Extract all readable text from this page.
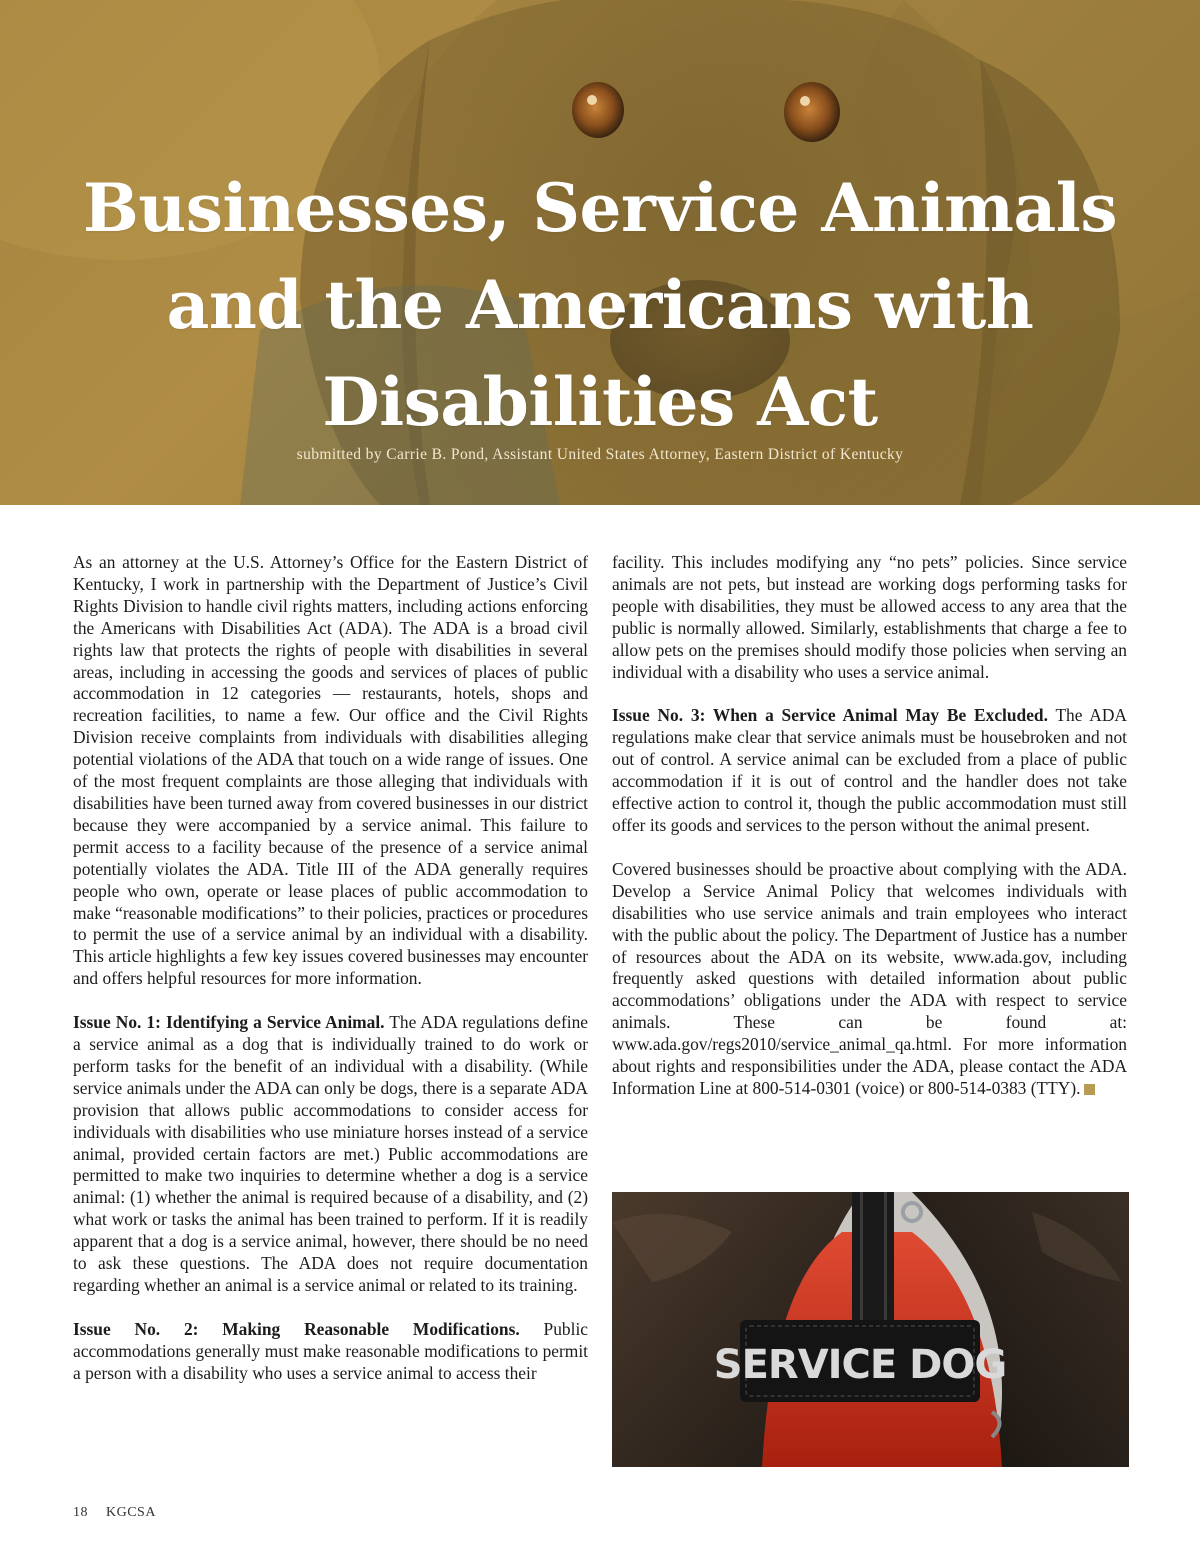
Businesses, Service Animals and the Americans with Disabilities Act

submitted by Carrie B. Pond, Assistant United States Attorney, Eastern District of Kentucky

As an attorney at the U.S. Attorney’s Office for the Eastern District of Kentucky, I work in partnership with the Department of Justice’s Civil Rights Division to handle civil rights matters, including actions enforcing the Americans with Disabilities Act (ADA). The ADA is a broad civil rights law that protects the rights of people with disabilities in several areas, including in accessing the goods and services of places of public accommodation in 12 categories — restaurants, hotels, shops and recreation facilities, to name a few. Our office and the Civil Rights Division receive complaints from individuals with disabilities alleging potential violations of the ADA that touch on a wide range of issues. One of the most frequent complaints are those alleging that individuals with disabilities have been turned away from covered businesses in our district because they were accompanied by a service animal. This failure to permit access to a facility because of the presence of a service animal potentially violates the ADA. Title III of the ADA generally requires people who own, operate or lease places of public accommodation to make “reasonable modifications” to their policies, practices or procedures to permit the use of a service animal by an individual with a disability. This article highlights a few key issues covered businesses may encounter and offers helpful resources for more information.

Issue No. 1: Identifying a Service Animal. The ADA regulations define a service animal as a dog that is individually trained to do work or perform tasks for the benefit of an individual with a disability. (While service animals under the ADA can only be dogs, there is a separate ADA provision that allows public accommodations to consider access for individuals with disabilities who use miniature horses instead of a service animal, provided certain factors are met.) Public accommodations are permitted to make two inquiries to determine whether a dog is a service animal: (1) whether the animal is required because of a disability, and (2) what work or tasks the animal has been trained to perform. If it is readily apparent that a dog is a service animal, however, there should be no need to ask these questions. The ADA does not require documentation regarding whether an animal is a service animal or related to its training.

Issue No. 2: Making Reasonable Modifications. Public accommodations generally must make reasonable modifications to permit a person with a disability who uses a service animal to access their

facility. This includes modifying any “no pets” policies. Since service animals are not pets, but instead are working dogs performing tasks for people with disabilities, they must be allowed access to any area that the public is normally allowed. Similarly, establishments that charge a fee to allow pets on the premises should modify those policies when serving an individual with a disability who uses a service animal.

Issue No. 3: When a Service Animal May Be Excluded. The ADA regulations make clear that service animals must be housebroken and not out of control. A service animal can be excluded from a place of public accommodation if it is out of control and the handler does not take effective action to control it, though the public accommodation must still offer its goods and services to the person without the animal present.

Covered businesses should be proactive about complying with the ADA. Develop a Service Animal Policy that welcomes individuals with disabilities who use service animals and train employees who interact with the public about the policy. The Department of Justice has a number of resources about the ADA on its website, www.ada.gov, including frequently asked questions with detailed information about public accommodations’ obligations under the ADA with respect to service animals. These can be found at: www.ada.gov/regs2010/service_animal_qa.html. For more information about rights and responsibilities under the ADA, please contact the ADA Information Line at 800-514-0301 (voice) or 800-514-0383 (TTY).

SERVICE DOG
18 KGCSA
